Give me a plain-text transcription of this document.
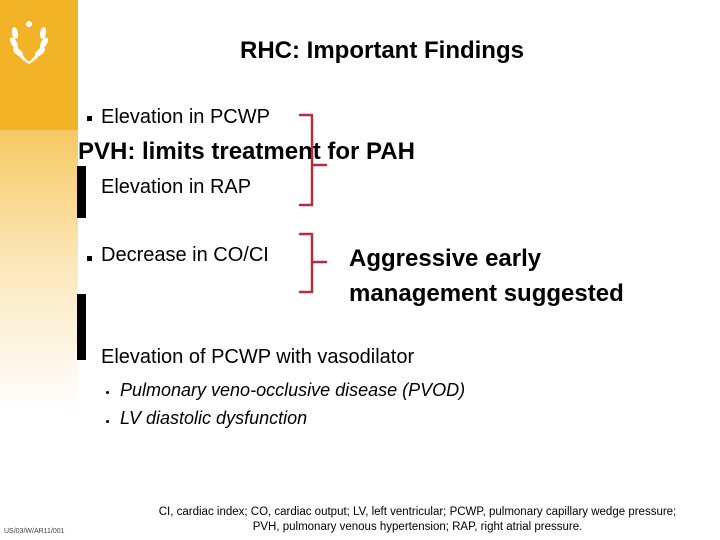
RHC: Important Findings
Elevation in PCWP
PVH: limits treatment for PAH
Elevation in RAP
Decrease in CO/CI	Aggressive early
management suggested
Elevation of PCWP with vasodilator
Pulmonary veno-occlusive disease (PVOD)
LV diastolic dysfunction
CI, cardiac index; CO, cardiac output; LV, left ventricular; PCWP, pulmonary capillary wedge pressure;
PVH, pulmonary venous hypertension; RAP, right atrial pressure.
US/03/W/AR11/001
